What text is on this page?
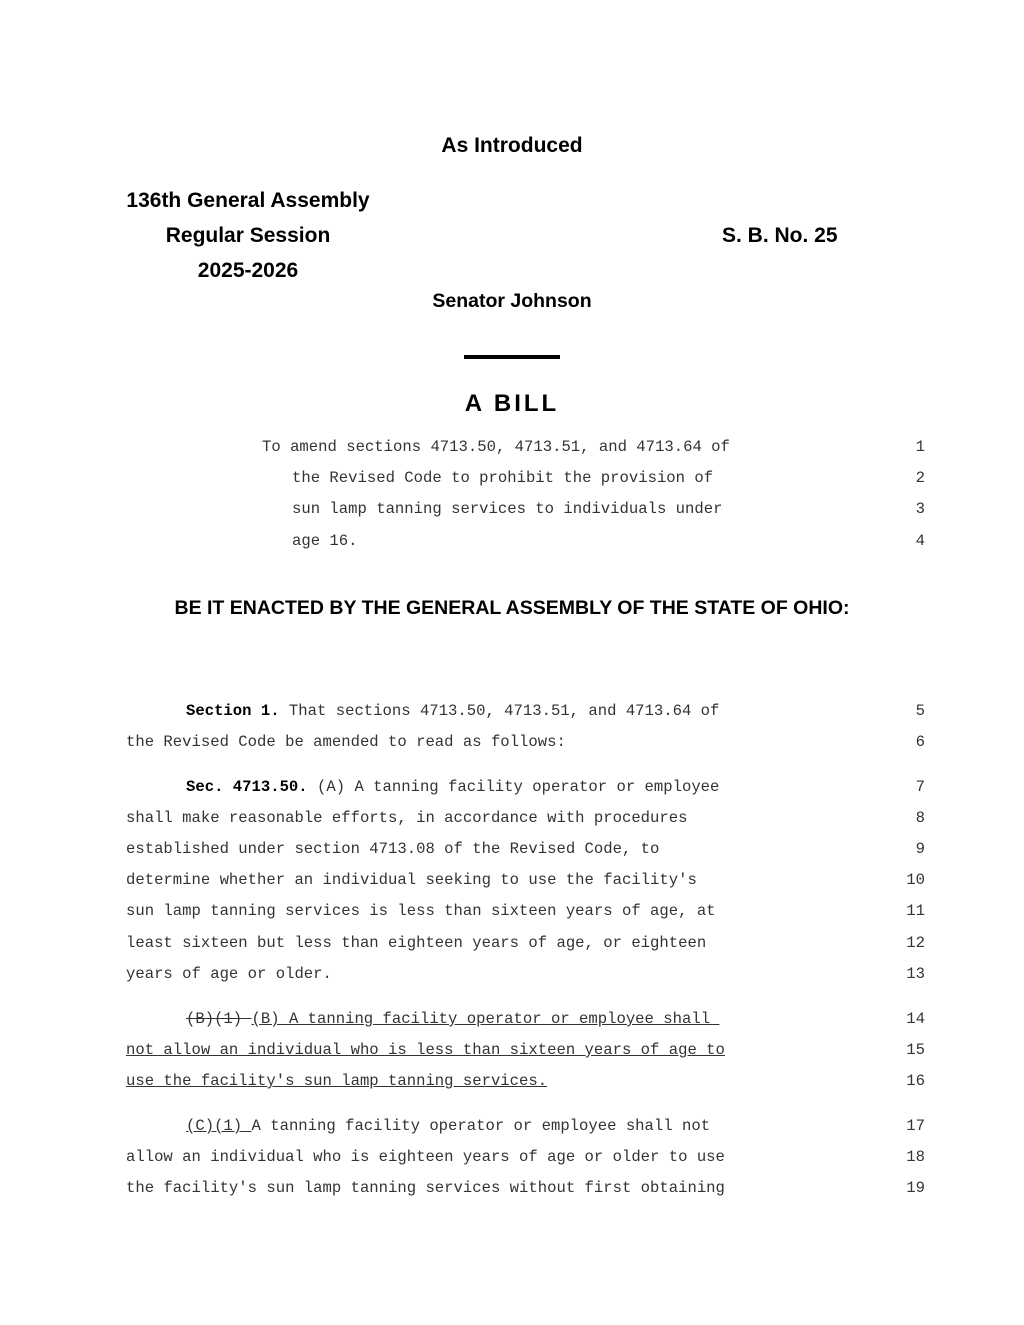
As Introduced
136th General Assembly
Regular Session
2025-2026
S. B. No. 25
Senator Johnson
A BILL
To amend sections 4713.50, 4713.51, and 4713.64 of	1
the Revised Code to prohibit the provision of	2
sun lamp tanning services to individuals under	3
age 16.	4
BE IT ENACTED BY THE GENERAL ASSEMBLY OF THE STATE OF OHIO:
Section 1. That sections 4713.50, 4713.51, and 4713.64 of	5
the Revised Code be amended to read as follows:	6
Sec. 4713.50. (A) A tanning facility operator or employee	7
shall make reasonable efforts, in accordance with procedures	8
established under section 4713.08 of the Revised Code, to	9
determine whether an individual seeking to use the facility's	10
sun lamp tanning services is less than sixteen years of age, at	11
least sixteen but less than eighteen years of age, or eighteen	12
years of age or older.	13
(B)(1) (B) A tanning facility operator or employee shall	14
not allow an individual who is less than sixteen years of age to	15
use the facility's sun lamp tanning services.	16
(C)(1) A tanning facility operator or employee shall not	17
allow an individual who is eighteen years of age or older to use	18
the facility's sun lamp tanning services without first obtaining	19
